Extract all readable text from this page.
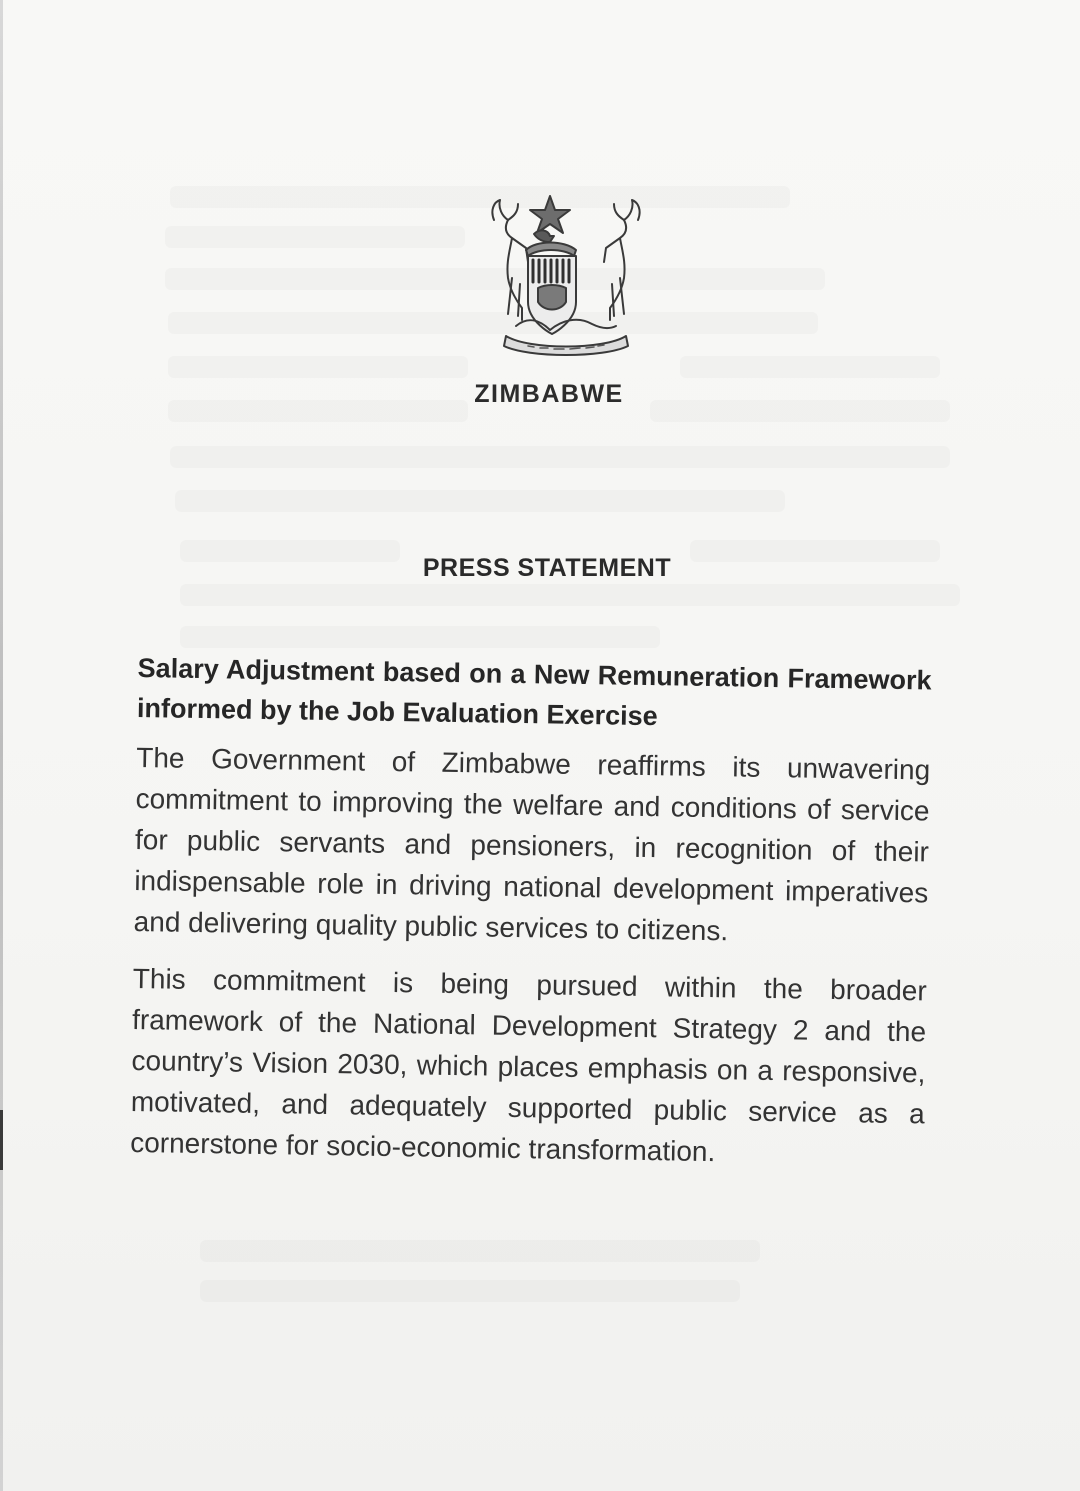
ZIMBABWE
PRESS STATEMENT

Salary Adjustment based on a New Remuneration Framework informed by the Job Evaluation Exercise

The Government of Zimbabwe reaffirms its unwavering commitment to improving the welfare and conditions of service for public servants and pensioners, in recognition of their indispensable role in driving national development imperatives and delivering quality public services to citizens.

This commitment is being pursued within the broader framework of the National Development Strategy 2 and the country’s Vision 2030, which places emphasis on a responsive, motivated, and adequately supported public service as a cornerstone for socio-economic transformation.
